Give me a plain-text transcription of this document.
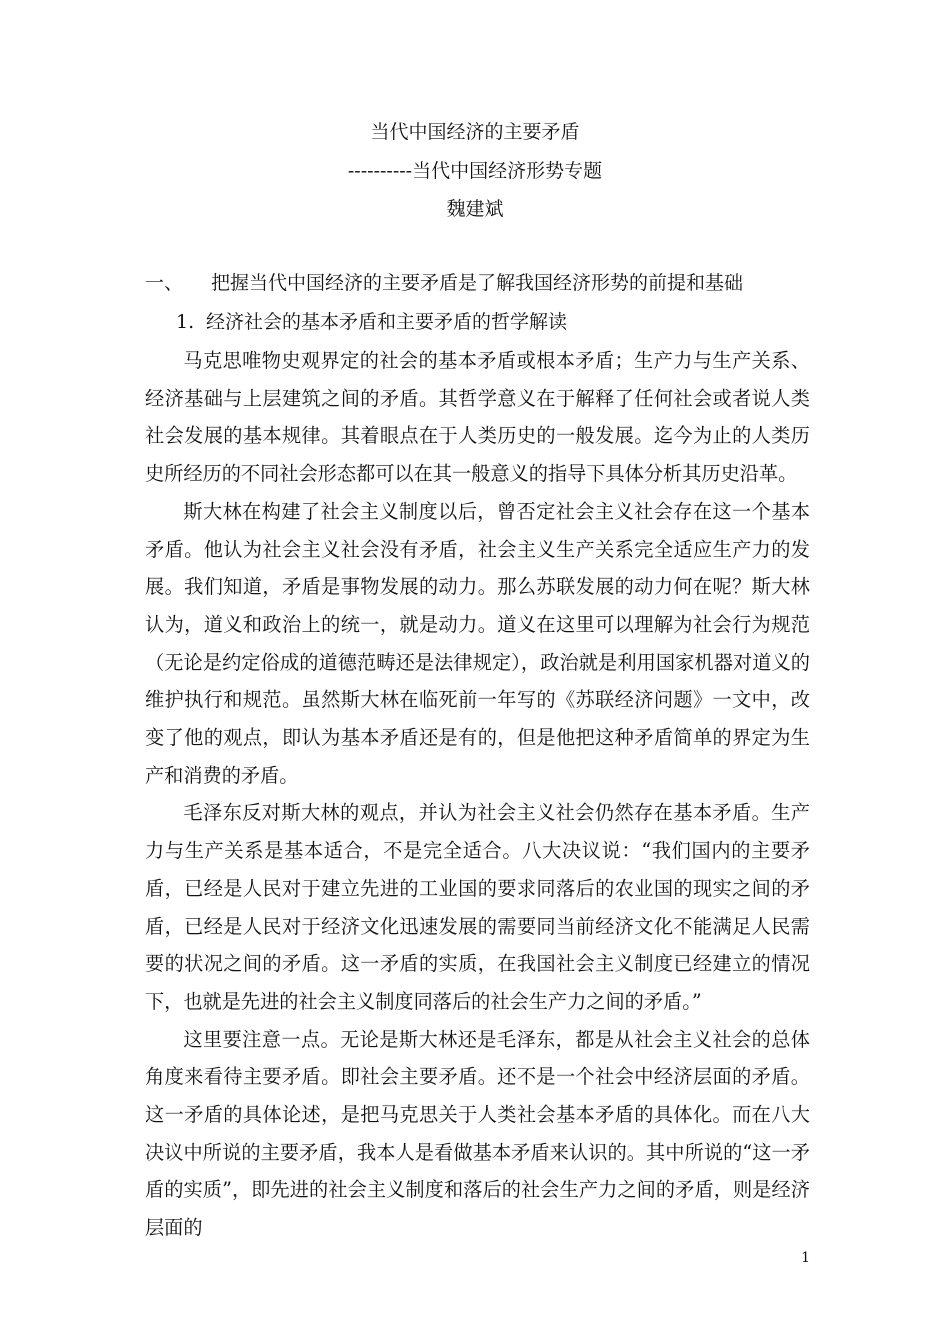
当代中国经济的主要矛盾
----------当代中国经济形势专题
魏建斌
一、 把握当代中国经济的主要矛盾是了解我国经济形势的前提和基础
1. 经济社会的基本矛盾和主要矛盾的哲学解读

马克思唯物史观界定的社会的基本矛盾或根本矛盾；生产力与生产关系、经济基础与上层建筑之间的矛盾。其哲学意义在于解释了任何社会或者说人类社会发展的基本规律。其着眼点在于人类历史的一般发展。迄今为止的人类历史所经历的不同社会形态都可以在其一般意义的指导下具体分析其历史沿革。

斯大林在构建了社会主义制度以后，曾否定社会主义社会存在这一个基本矛盾。他认为社会主义社会没有矛盾，社会主义生产关系完全适应生产力的发展。我们知道，矛盾是事物发展的动力。那么苏联发展的动力何在呢？斯大林认为，道义和政治上的统一，就是动力。道义在这里可以理解为社会行为规范（无论是约定俗成的道德范畴还是法律规定），政治就是利用国家机器对道义的维护执行和规范。虽然斯大林在临死前一年写的《苏联经济问题》一文中，改变了他的观点，即认为基本矛盾还是有的，但是他把这种矛盾简单的界定为生产和消费的矛盾。

毛泽东反对斯大林的观点，并认为社会主义社会仍然存在基本矛盾。生产力与生产关系是基本适合，不是完全适合。八大决议说：“我们国内的主要矛盾，已经是人民对于建立先进的工业国的要求同落后的农业国的现实之间的矛盾，已经是人民对于经济文化迅速发展的需要同当前经济文化不能满足人民需要的状况之间的矛盾。这一矛盾的实质，在我国社会主义制度已经建立的情况下，也就是先进的社会主义制度同落后的社会生产力之间的矛盾。”

这里要注意一点。无论是斯大林还是毛泽东，都是从社会主义社会的总体角度来看待主要矛盾。即社会主要矛盾。还不是一个社会中经济层面的矛盾。这一矛盾的具体论述，是把马克思关于人类社会基本矛盾的具体化。而在八大决议中所说的主要矛盾，我本人是看做基本矛盾来认识的。其中所说的“这一矛盾的实质”，即先进的社会主义制度和落后的社会生产力之间的矛盾，则是经济层面的

1
